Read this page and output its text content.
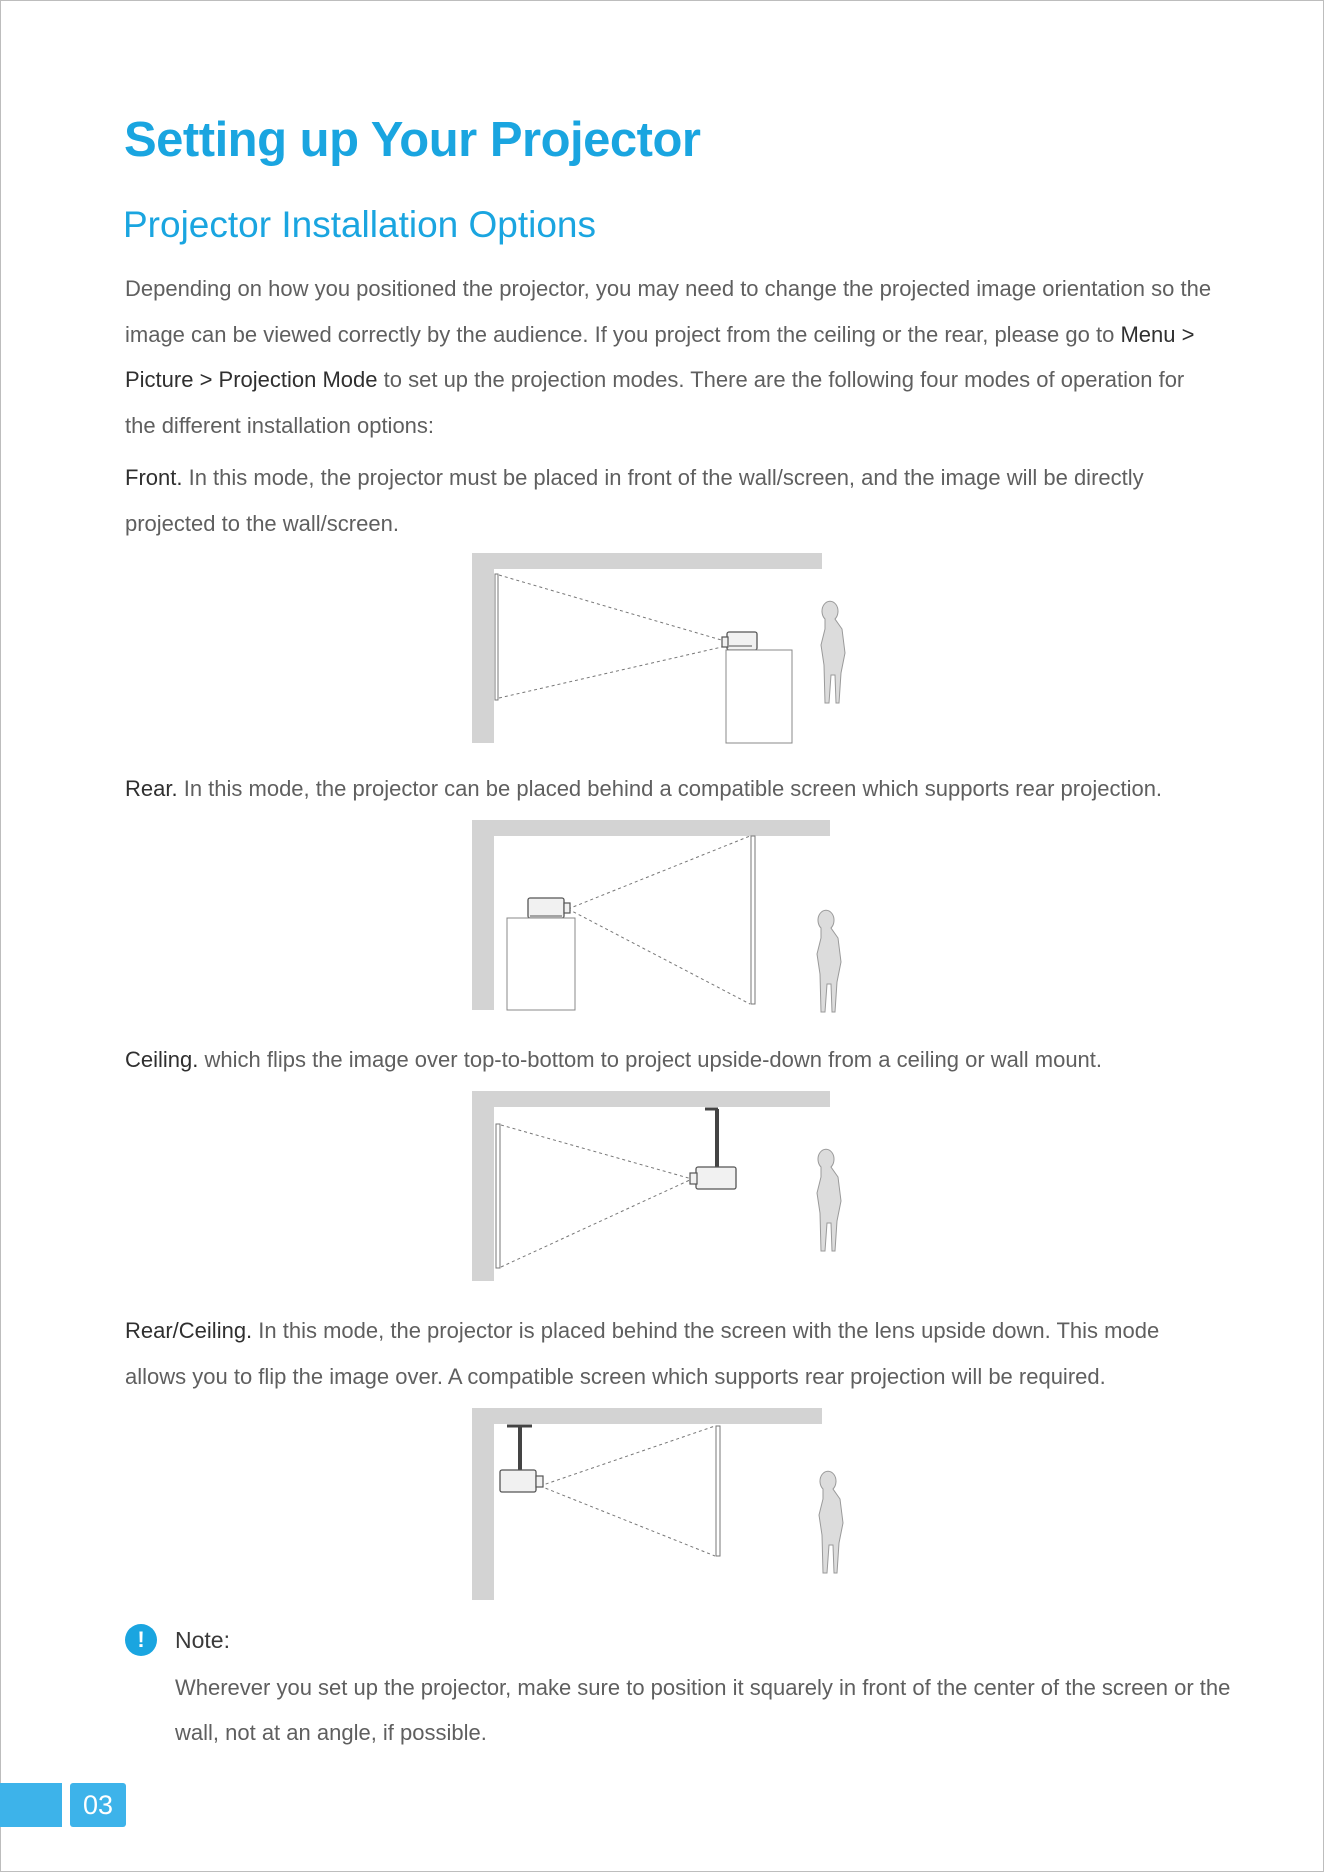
Setting up Your Projector
Projector Installation Options

Depending on how you positioned the projector, you may need to change the projected image orientation so the image can be viewed correctly by the audience. If you project from the ceiling or the rear, please go to Menu > Picture > Projection Mode to set up the projection modes. There are the following four modes of operation for the different installation options:

Front. In this mode, the projector must be placed in front of the wall/screen, and the image will be directly projected to the wall/screen.

Rear. In this mode, the projector can be placed behind a compatible screen which supports rear projection.

Ceiling. which flips the image over top-to-bottom to project upside-down from a ceiling or wall mount.

Rear/Ceiling. In this mode, the projector is placed behind the screen with the lens upside down. This mode allows you to flip the image over. A compatible screen which supports rear projection will be required.

!	Note:

Wherever you set up the projector, make sure to position it squarely in front of the center of the screen or the wall, not at an angle, if possible.

03
